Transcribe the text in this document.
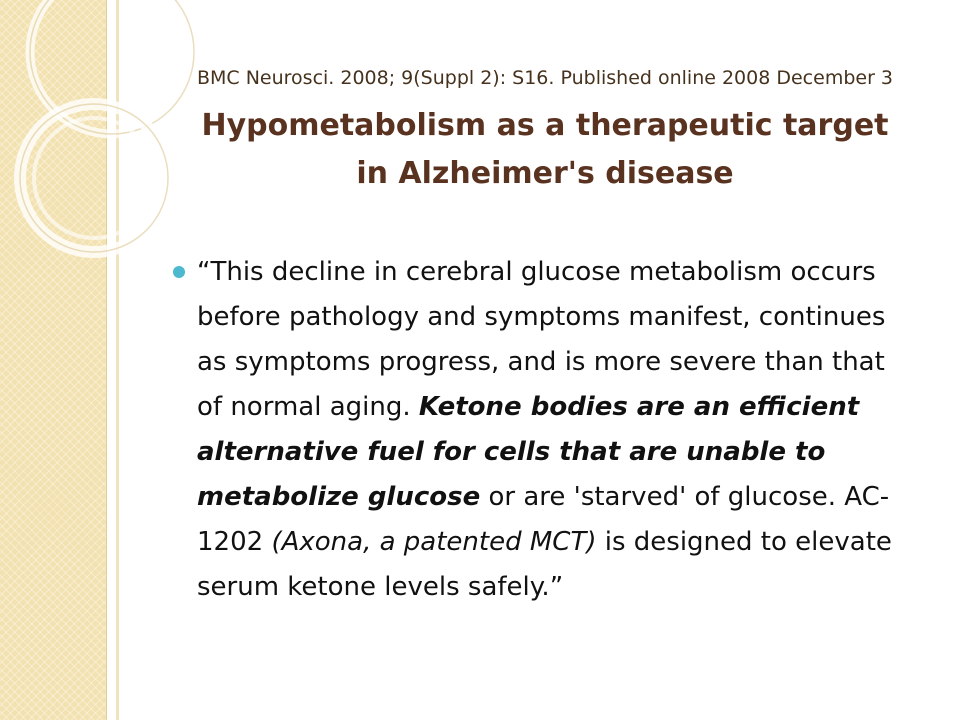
BMC Neurosci. 2008; 9(Suppl 2): S16. Published online 2008 December 3
Hypometabolism as a therapeutic target
in Alzheimer's disease
“This decline in cerebral glucose metabolism occurs before pathology and symptoms manifest, continues as symptoms progress, and is more severe than that of normal aging. Ketone bodies are an efficient alternative fuel for cells that are unable to metabolize glucose or are 'starved' of glucose. AC-1202 (Axona, a patented MCT) is designed to elevate serum ketone levels safely.”
